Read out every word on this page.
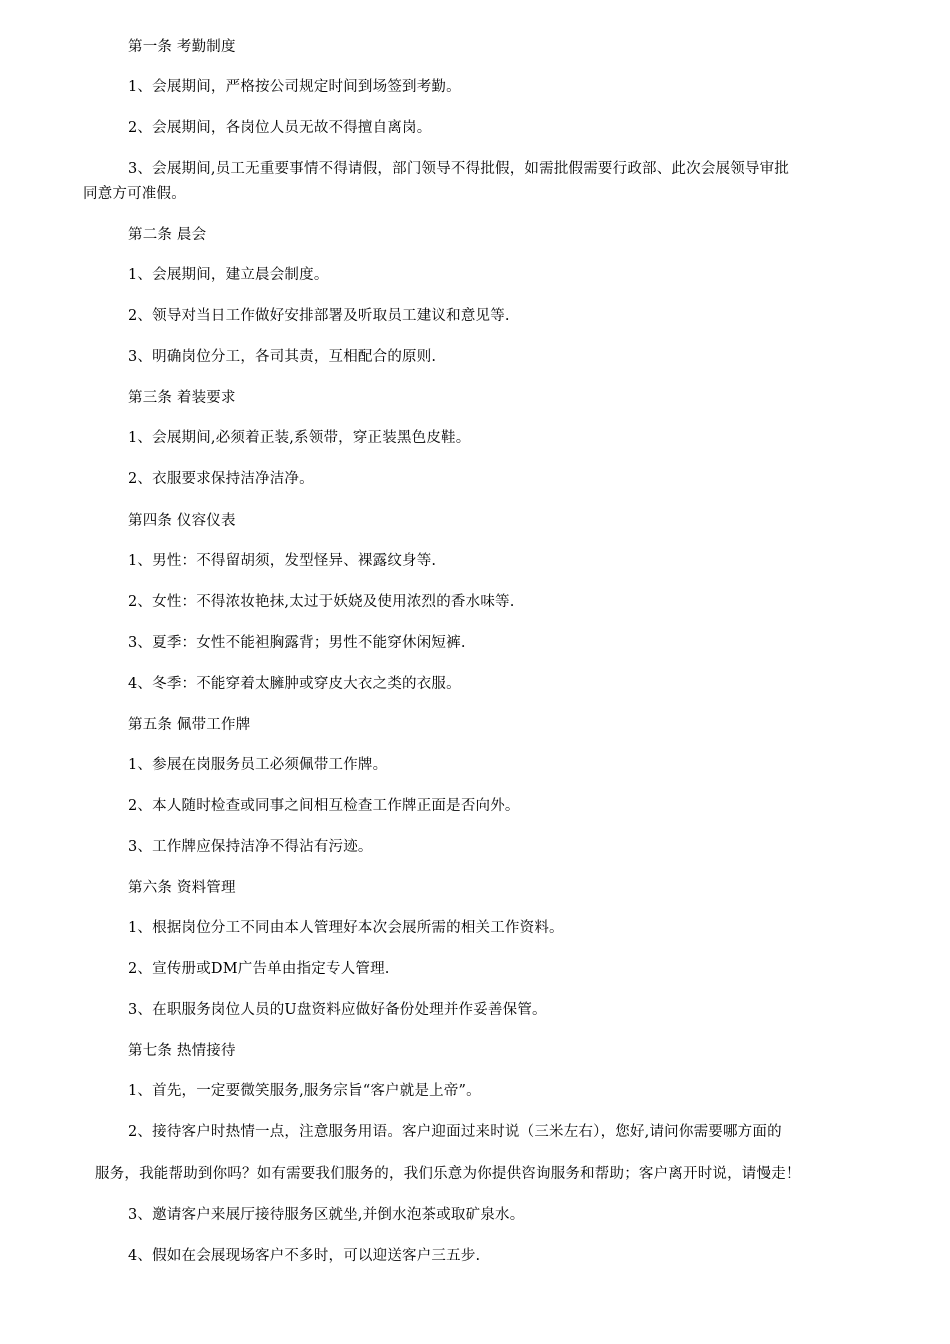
第一条 考勤制度
1、会展期间，严格按公司规定时间到场签到考勤。
2、会展期间，各岗位人员无故不得擅自离岗。
3、会展期间,员工无重要事情不得请假，部门领导不得批假，如需批假需要行政部、此次会展领导审批
同意方可准假。
第二条 晨会
1、会展期间，建立晨会制度。
2、领导对当日工作做好安排部署及听取员工建议和意见等.
3、明确岗位分工，各司其责，互相配合的原则.
第三条 着装要求
1、会展期间,必须着正装,系领带，穿正装黑色皮鞋。
2、衣服要求保持洁净洁净。
第四条 仪容仪表
1、男性：不得留胡须，发型怪异、裸露纹身等.
2、女性：不得浓妆艳抹,太过于妖娆及使用浓烈的香水味等.
3、夏季：女性不能袒胸露背；男性不能穿休闲短裤.
4、冬季：不能穿着太臃肿或穿皮大衣之类的衣服。
第五条 佩带工作牌
1、参展在岗服务员工必须佩带工作牌。
2、本人随时检查或同事之间相互检查工作牌正面是否向外。
3、工作牌应保持洁净不得沾有污迹。
第六条 资料管理
1、根据岗位分工不同由本人管理好本次会展所需的相关工作资料。
2、宣传册或DM广告单由指定专人管理.
3、在职服务岗位人员的U盘资料应做好备份处理并作妥善保管。
第七条 热情接待
1、首先，一定要微笑服务,服务宗旨“客户就是上帝”。
2、接待客户时热情一点，注意服务用语。客户迎面过来时说（三米左右），您好,请问你需要哪方面的
服务，我能帮助到你吗？如有需要我们服务的，我们乐意为你提供咨询服务和帮助；客户离开时说，请慢走！
3、邀请客户来展厅接待服务区就坐,并倒水泡茶或取矿泉水。
4、假如在会展现场客户不多时，可以迎送客户三五步.
